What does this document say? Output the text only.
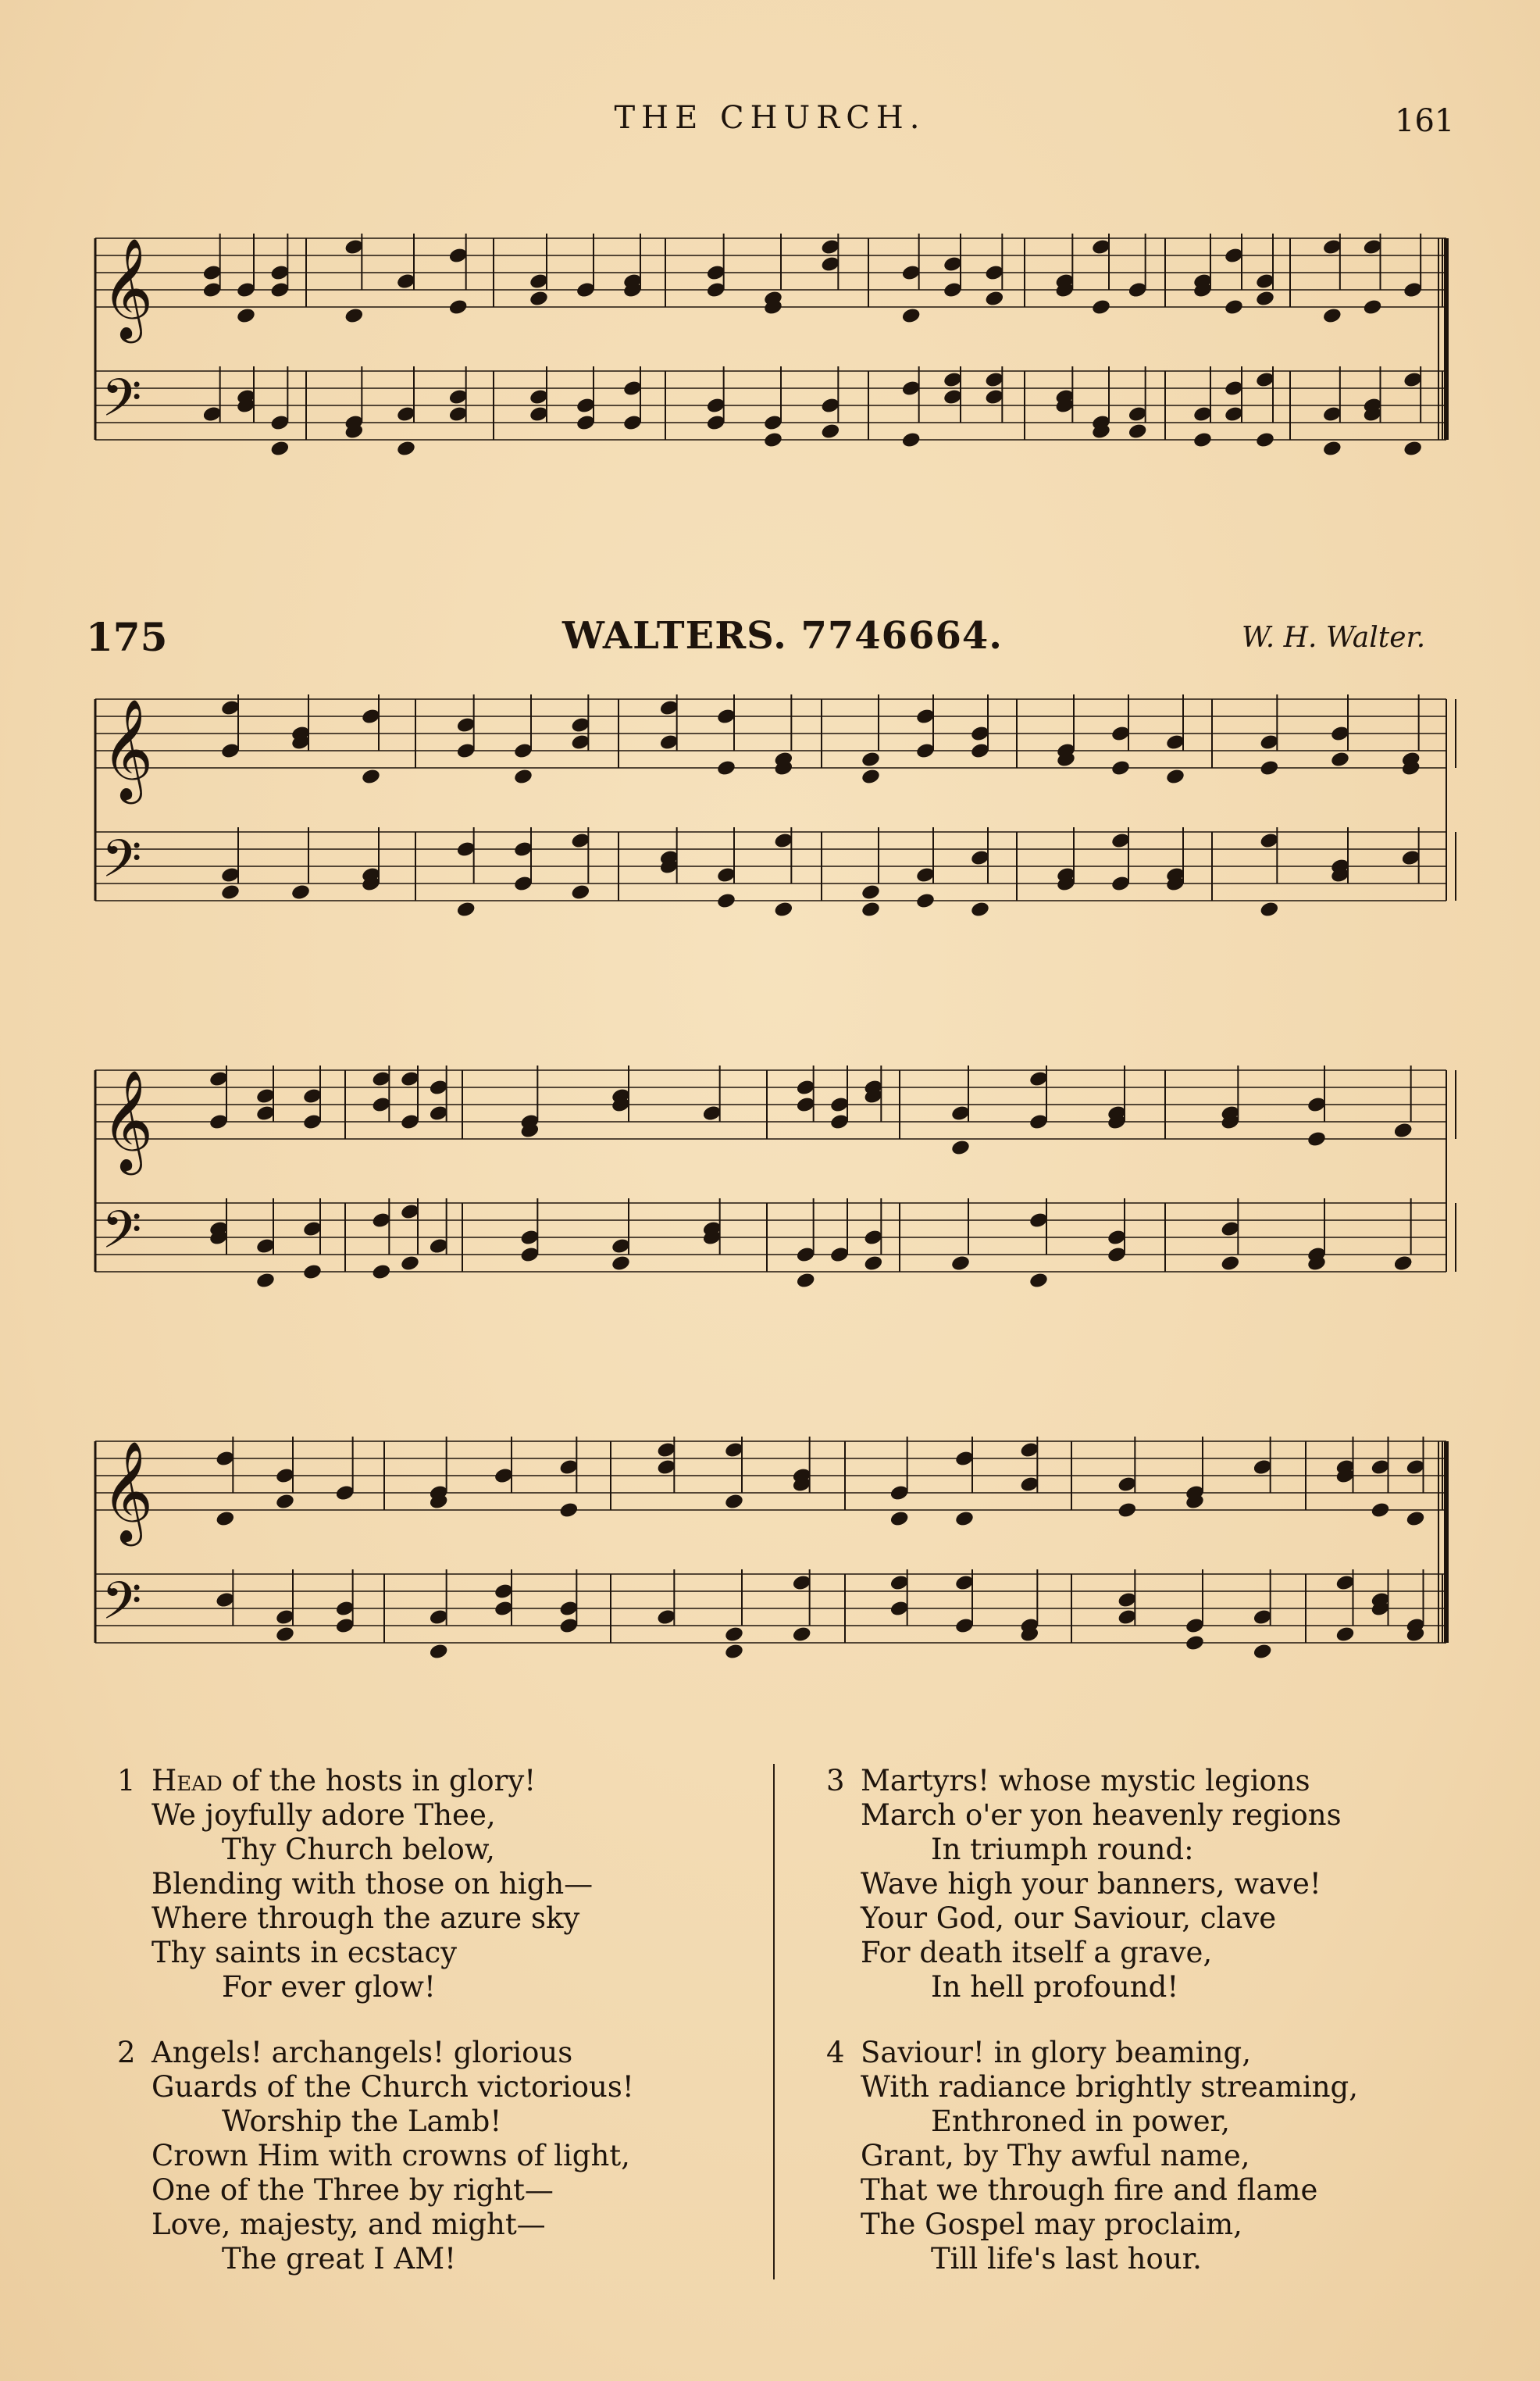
THE CHURCH.	161
𝄞
𝄢
175	WALTERS. 7746664.	W. H. Walter.
𝄞
𝄢
𝄞
𝄢
𝄞
𝄢
1 Head of the hosts in glory!
We joyfully adore Thee,
Thy Church below,
Blending with those on high—
Where through the azure sky
Thy saints in ecstacy
For ever glow!
2 Angels! archangels! glorious
Guards of the Church victorious!
Worship the Lamb!
Crown Him with crowns of light,
One of the Three by right—
Love, majesty, and might—
The great I AM!
3 Martyrs! whose mystic legions
March o'er yon heavenly regions
In triumph round:
Wave high your banners, wave!
Your God, our Saviour, clave
For death itself a grave,
In hell profound!
4 Saviour! in glory beaming,
With radiance brightly streaming,
Enthroned in power,
Grant, by Thy awful name,
That we through fire and flame
The Gospel may proclaim,
Till life's last hour.
